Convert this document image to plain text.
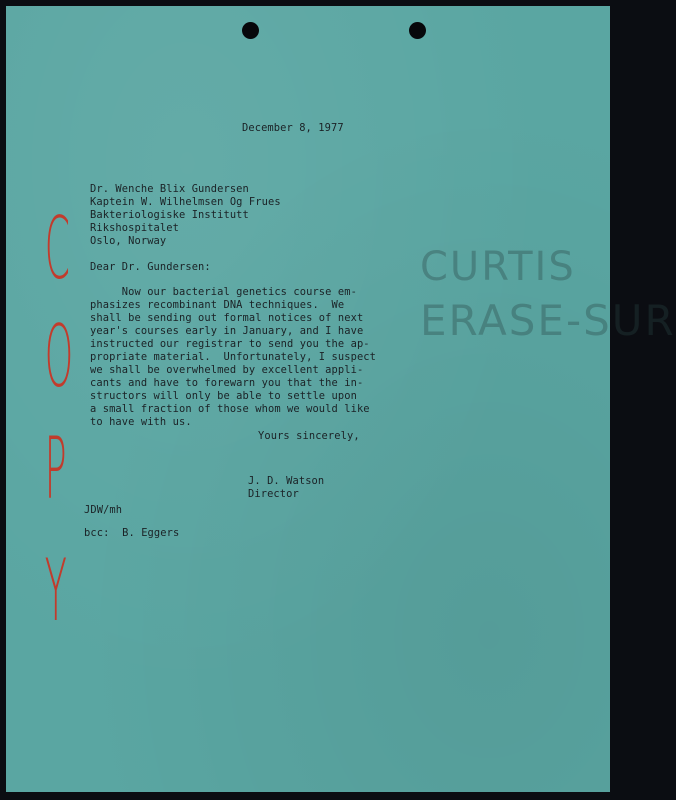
CURTIS
ERASE-SUR
C
O
P
Y
December 8, 1977
Dr. Wenche Blix Gundersen
Kaptein W. Wilhelmsen Og Frues
Bakteriologiske Institutt
Rikshospitalet
Oslo, Norway
Dear Dr. Gundersen:
Now our bacterial genetics course em-
phasizes recombinant DNA techniques.  We
shall be sending out formal notices of next
year's courses early in January, and I have
instructed our registrar to send you the ap-
propriate material.  Unfortunately, I suspect
we shall be overwhelmed by excellent appli-
cants and have to forewarn you that the in-
structors will only be able to settle upon
a small fraction of those whom we would like
to have with us.
Yours sincerely,
J. D. Watson
Director
JDW/mh
bcc:  B. Eggers
